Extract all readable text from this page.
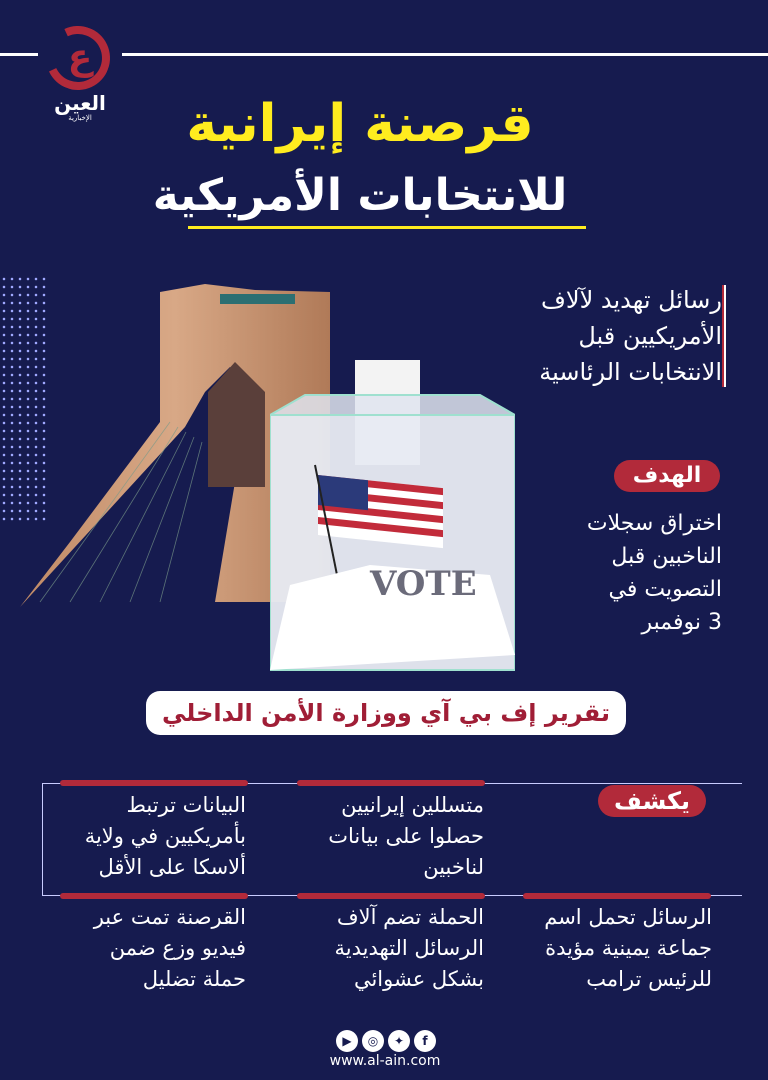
ع
العين
الإخبارية	قرصنة إيرانية
للانتخابات الأمريكية
VOTE
رسائل تهديد لآلاف
الأمريكيين قبل
الانتخابات الرئاسية
الهدف
اختراق سجلات
الناخبين قبل
التصويت في
3 نوفمبر
تقرير إف بي آي ووزارة الأمن الداخلي
يكشف
متسللين إيرانيين
حصلوا على بيانات
لناخبين
البيانات ترتبط
بأمريكيين في ولاية
ألاسكا على الأقل
الرسائل تحمل اسم
جماعة يمينية مؤيدة
للرئيس ترامب
الحملة تضم آلاف
الرسائل التهديدية
بشكل عشوائي
القرصنة تمت عبر
فيديو وزع ضمن
حملة تضليل
▶	◎	✦	f
www.al-ain.com
